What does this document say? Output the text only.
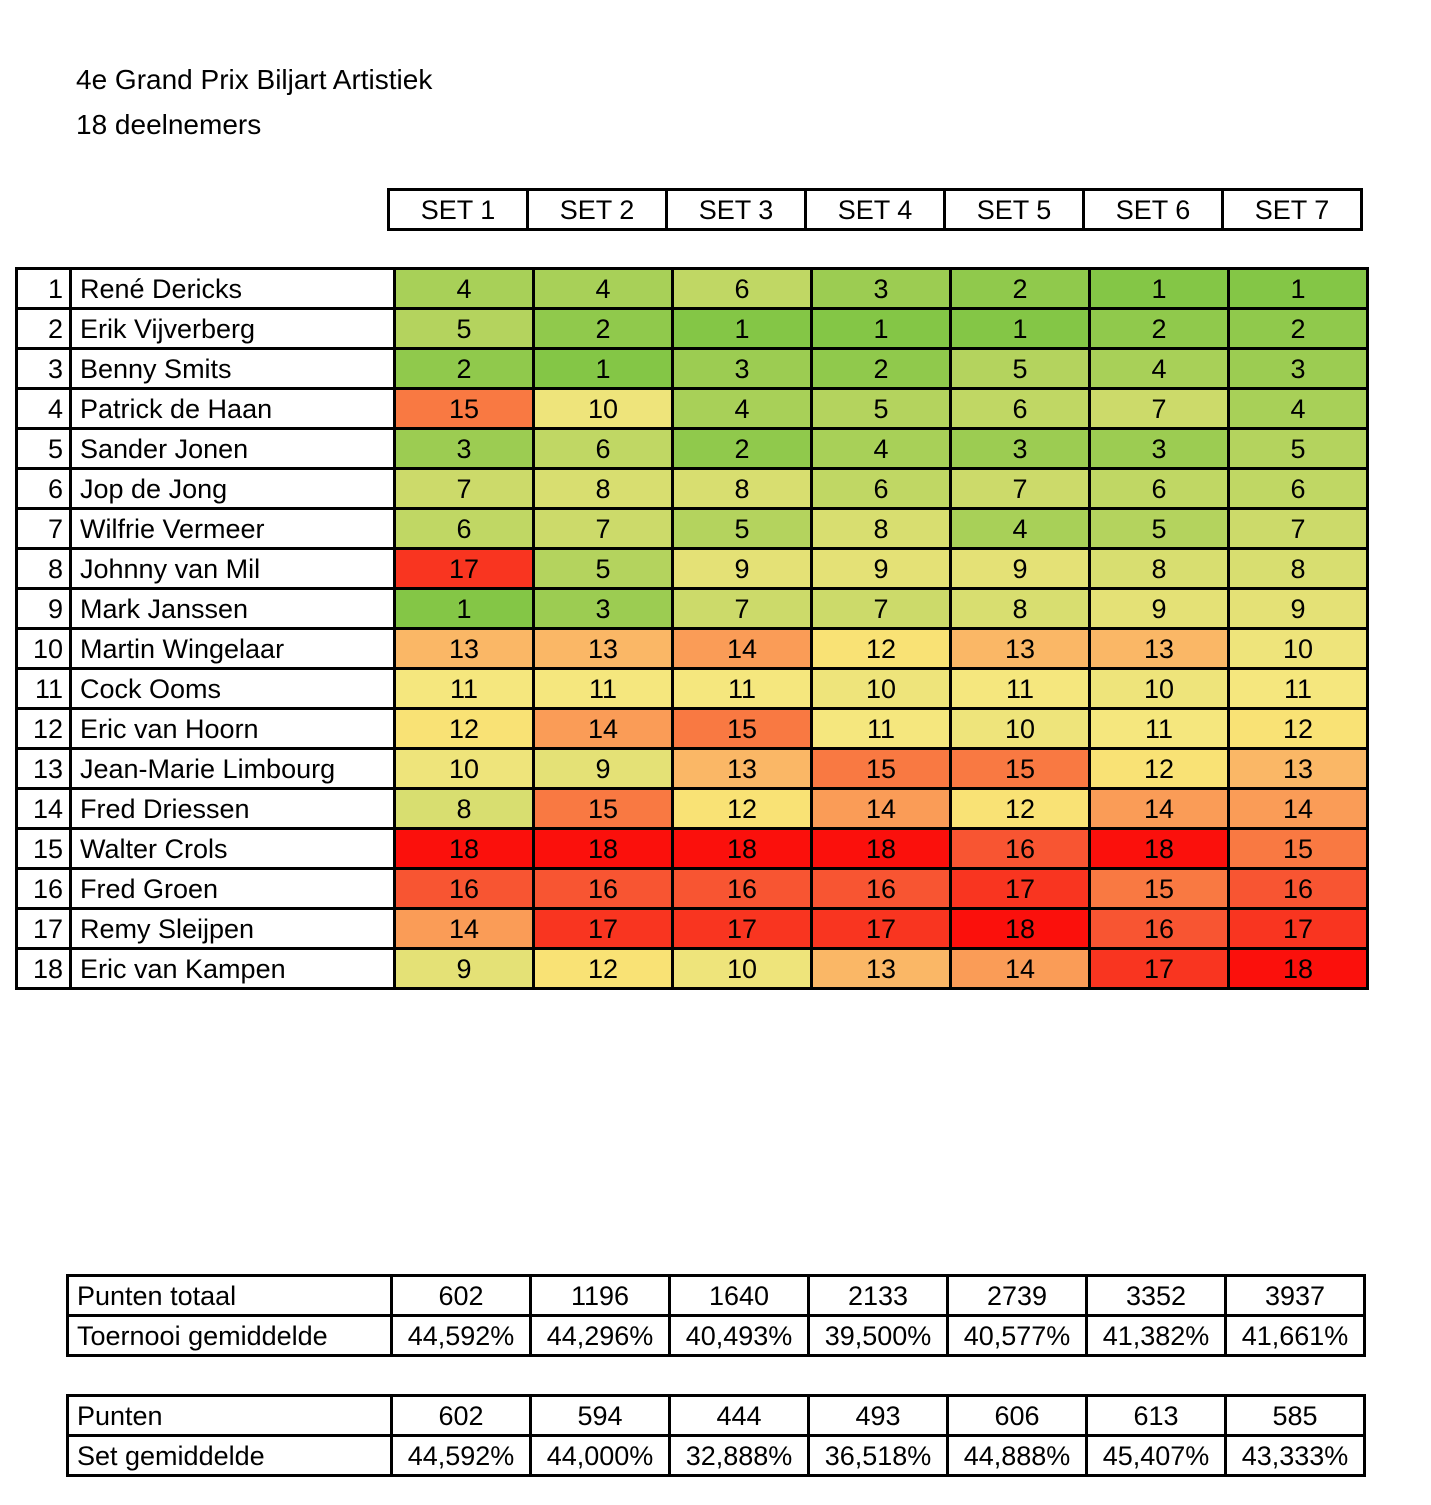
4e Grand Prix Biljart Artistiek
18 deelnemers
SET 1	SET 2	SET 3	SET 4	SET 5	SET 6	SET 7
1	René Dericks	4	4	6	3	2	1	1
2	Erik Vijverberg	5	2	1	1	1	2	2
3	Benny Smits	2	1	3	2	5	4	3
4	Patrick de Haan	15	10	4	5	6	7	4
5	Sander Jonen	3	6	2	4	3	3	5
6	Jop de Jong	7	8	8	6	7	6	6
7	Wilfrie Vermeer	6	7	5	8	4	5	7
8	Johnny van Mil	17	5	9	9	9	8	8
9	Mark Janssen	1	3	7	7	8	9	9
10	Martin Wingelaar	13	13	14	12	13	13	10
11	Cock Ooms	11	11	11	10	11	10	11
12	Eric van Hoorn	12	14	15	11	10	11	12
13	Jean-Marie Limbourg	10	9	13	15	15	12	13
14	Fred Driessen	8	15	12	14	12	14	14
15	Walter Crols	18	18	18	18	16	18	15
16	Fred Groen	16	16	16	16	17	15	16
17	Remy Sleijpen	14	17	17	17	18	16	17
18	Eric van Kampen	9	12	10	13	14	17	18
Punten totaal	602	1196	1640	2133	2739	3352	3937
Toernooi gemiddelde	44,592%	44,296%	40,493%	39,500%	40,577%	41,382%	41,661%
Punten	602	594	444	493	606	613	585
Set gemiddelde	44,592%	44,000%	32,888%	36,518%	44,888%	45,407%	43,333%
